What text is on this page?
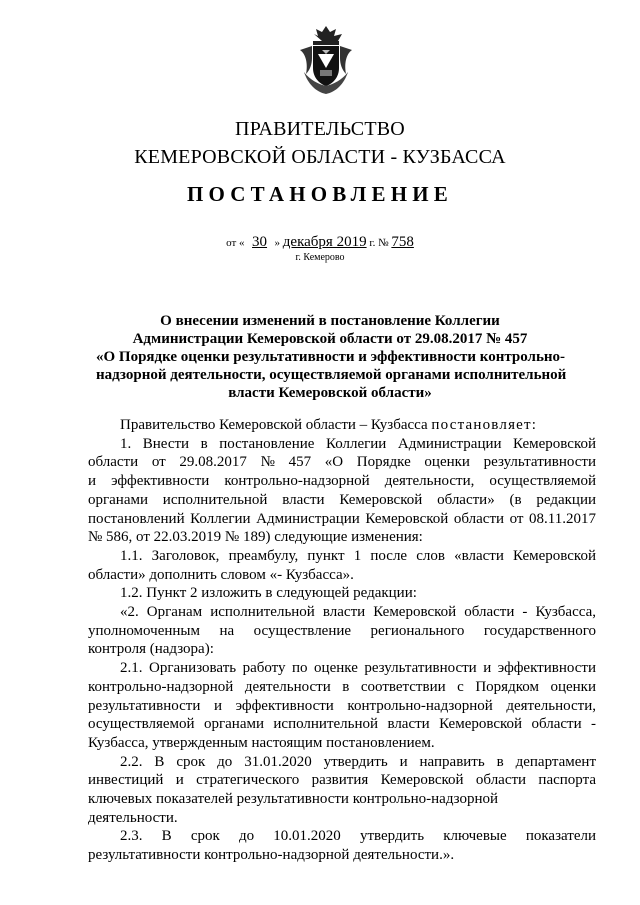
ПРАВИТЕЛЬСТВО
КЕМЕРОВСКОЙ ОБЛАСТИ - КУЗБАССА
ПОСТАНОВЛЕНИЕ
от « 30 » декабря 2019 г. № 758
г. Кемерово
О внесении изменений в постановление Коллегии
Администрации Кемеровской области от 29.08.2017 № 457
«О Порядке оценки результативности и эффективности контрольно-
надзорной деятельности, осуществляемой органами исполнительной
власти Кемеровской области»
Правительство Кемеровской области – Кузбасса
постановляет:
1. Внести в постановление Коллегии Администрации Кемеровской
области от 29.08.2017 № 457 «О Порядке оценки результативности
и эффективности контрольно-надзорной деятельности, осуществляемой
органами исполнительной власти Кемеровской области» (в редакции
постановлений Коллегии Администрации Кемеровской области от 08.11.2017
№ 586, от 22.03.2019 № 189) следующие изменения:
1.1. Заголовок, преамбулу, пункт 1 после слов «власти Кемеровской
области» дополнить словом «- Кузбасса».
1.2. Пункт 2 изложить в следующей редакции:
«2. Органам исполнительной власти Кемеровской области - Кузбасса,
уполномоченным на осуществление регионального государственного
контроля (надзора):
2.1. Организовать работу по оценке результативности и эффективности
контрольно-надзорной деятельности в соответствии с Порядком оценки
результативности и эффективности контрольно-надзорной деятельности,
осуществляемой органами исполнительной власти Кемеровской области -
Кузбасса, утвержденным настоящим постановлением.
2.2. В срок до 31.01.2020 утвердить и направить в департамент
инвестиций и стратегического развития Кемеровской области паспорта
ключевых показателей результативности контрольно-надзорной
деятельности.
2.3. В срок до 10.01.2020 утвердить ключевые показатели
результативности контрольно-надзорной деятельности.».
